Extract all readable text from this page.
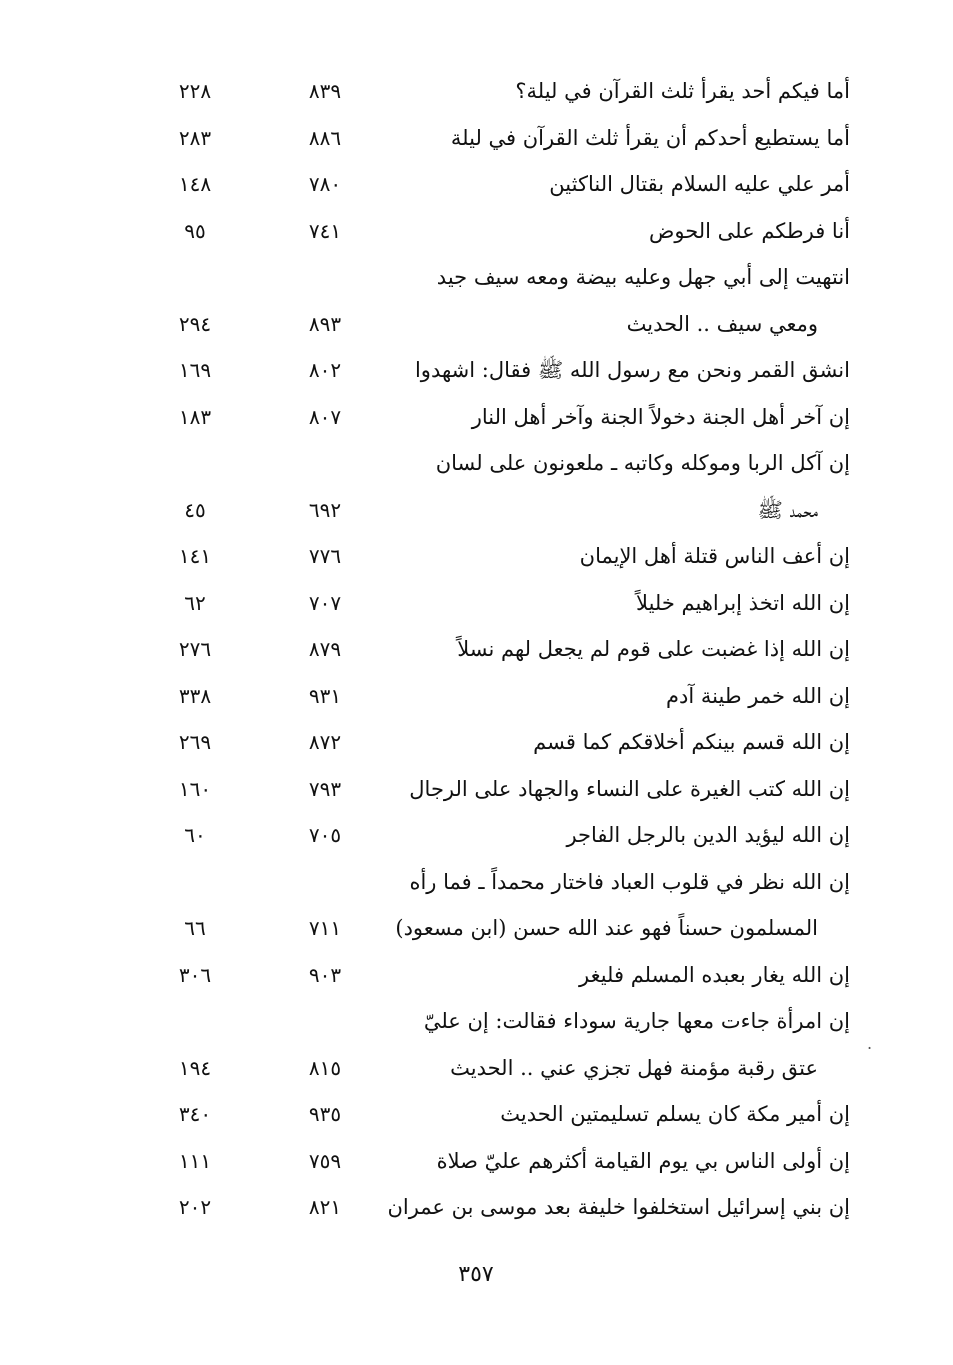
أما فيكم أحد يقرأ ثلث القرآن في ليلة؟
٨٣٩
٢٢٨
أما يستطيع أحدكم أن يقرأ ثلث القرآن في ليلة
٨٨٦
٢٨٣
أمر علي عليه السلام بقتال الناكثين
٧٨٠
١٤٨
أنا فرطكم على الحوض
٧٤١
٩٥
انتهيت إلى أبي جهل وعليه بيضة ومعه سيف جيد
ومعي سيف .. الحديث
٨٩٣
٢٩٤
انشق القمر ونحن مع رسول الله ﷺ فقال: اشهدوا
٨٠٢
١٦٩
إن آخر أهل الجنة دخولاً الجنة وآخر أهل النار
٨٠٧
١٨٣
إن آكل الربا وموكله وكاتبه ـ ملعونون على لسان
محمد ﷺ
٦٩٢
٤٥
إن أعف الناس قتلة أهل الإيمان
٧٧٦
١٤١
إن الله اتخذ إبراهيم خليلاً
٧٠٧
٦٢
إن الله إذا غضبت على قوم لم يجعل لهم نسلاً
٨٧٩
٢٧٦
إن الله خمر طينة آدم
٩٣١
٣٣٨
إن الله قسم بينكم أخلاقكم كما قسم
٨٧٢
٢٦٩
إن الله كتب الغيرة على النساء والجهاد على الرجال
٧٩٣
١٦٠
إن الله ليؤيد الدين بالرجل الفاجر
٧٠٥
٦٠
إن الله نظر في قلوب العباد فاختار محمداً ـ فما رأه
المسلمون حسناً فهو عند الله حسن (ابن مسعود)
٧١١
٦٦
إن الله يغار بعبده المسلم فليغر
٩٠٣
٣٠٦
إن امرأة جاءت معها جارية سوداء فقالت: إن عليّ
عتق رقبة مؤمنة فهل تجزي عني .. الحديث
٨١٥
١٩٤
إن أمير مكة كان يسلم تسليمتين الحديث
٩٣٥
٣٤٠
إن أولى الناس بي يوم القيامة أكثرهم عليّ صلاة
٧٥٩
١١١
إن بني إسرائيل استخلفوا خليفة بعد موسى بن عمران
٨٢١
٢٠٢
.
٣٥٧
